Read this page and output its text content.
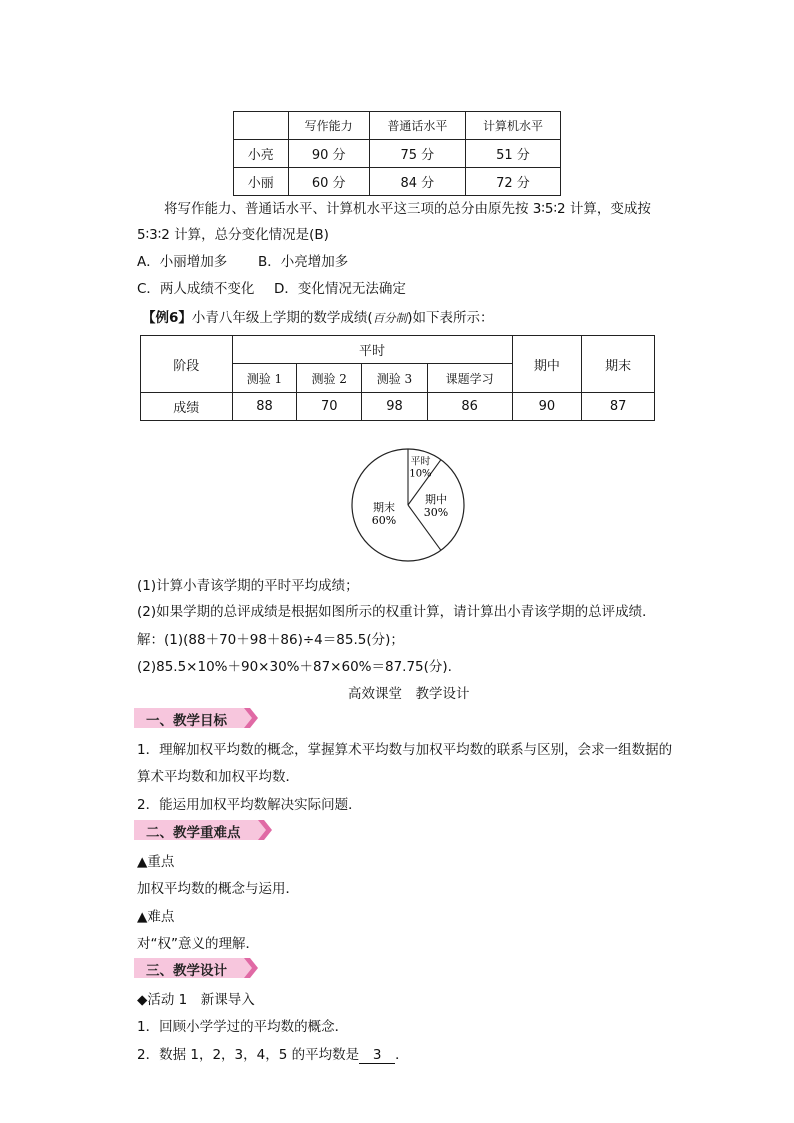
	写作能力	普通话水平	计算机水平
小亮	90 分	75 分	51 分
小丽	60 分	84 分	72 分
将写作能力、普通话水平、计算机水平这三项的总分由原先按 3∶5∶2 计算，变成按
5∶3∶2 计算，总分变化情况是(B)
A．小丽增加多 B．小亮增加多
C．两人成绩不变化 D．变化情况无法确定
【例6】小青八年级上学期的数学成绩(百分制)如下表所示：
阶段	平时				期中	期末
	测验 1	测验 2	测验 3	课题学习		
成绩	88	70	98	86	90	87
平时
10%
期中
30%
期末
60%
(1)计算小青该学期的平时平均成绩；
(2)如果学期的总评成绩是根据如图所示的权重计算，请计算出小青该学期的总评成绩．
解：(1)(88＋70＋98＋86)÷4＝85.5(分)；
(2)85.5×10%＋90×30%＋87×60%＝87.75(分).
高效课堂　教学设计
一、教学目标
1．理解加权平均数的概念，掌握算术平均数与加权平均数的联系与区别，会求一组数据的
算术平均数和加权平均数．
2．能运用加权平均数解决实际问题．
二、教学重难点
▲重点
加权平均数的概念与运用．
▲难点
对“权”意义的理解．
三、教学设计
◆活动 1　新课导入
1．回顾小学学过的平均数的概念．
2．数据 1，2，3，4，5 的平均数是 3 ．
